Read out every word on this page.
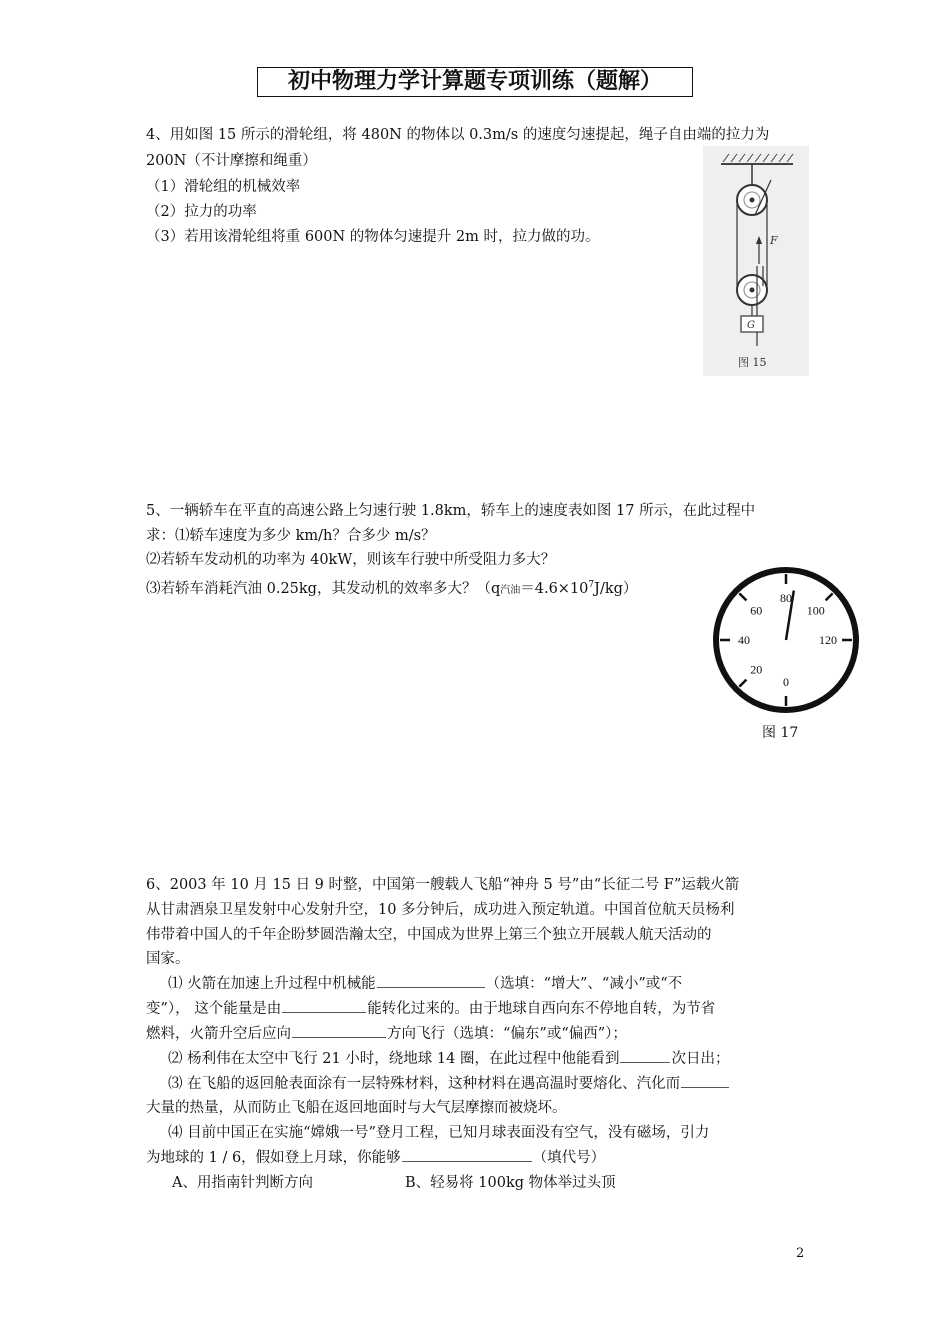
初中物理力学计算题专项训练（题解）
4、用如图 15 所示的滑轮组，将 480N 的物体以 0.3m/s 的速度匀速提起，绳子自由端的拉力为
200N（不计摩擦和绳重）
（1）滑轮组的机械效率
（2）拉力的功率
（3）若用该滑轮组将重 600N 的物体匀速提升 2m 时，拉力做的功。	F
G
图 15
5、一辆轿车在平直的高速公路上匀速行驶 1.8km，轿车上的速度表如图 17 所示，在此过程中
求：⑴轿车速度为多少 km/h？合多少 m/s？
⑵若轿车发动机的功率为 40kW，则该车行驶中所受阻力多大？
⑶若轿车消耗汽油 0.25kg，其发动机的效率多大？（q汽油$=4.6\times 10^7J/kg$）
0
20
40
60
80
100
120
图 17
6、2003 年 10 月 15 日 9 时整，中国第一艘载人飞船“神舟 5 号”由“长征二号 F”运载火箭
从甘肃酒泉卫星发射中心发射升空，10 多分钟后，成功进入预定轨道。中国首位航天员杨利
伟带着中国人的千年企盼梦圆浩瀚太空，中国成为世界上第三个独立开展载人航天活动的
国家。
⑴ 火箭在加速上升过程中机械能	（选填：“增大”、“减小”或“不
变”）， 这个能量是由	能转化过来的。由于地球自西向东不停地自转，为节省
燃料，火箭升空后应向	方向飞行（选填：“偏东”或“偏西”）；
⑵ 杨利伟在太空中飞行 21 小时，绕地球 14 圈，在此过程中他能看到	次日出；
⑶ 在飞船的返回舱表面涂有一层特殊材料，这种材料在遇高温时要熔化、汽化而
大量的热量，从而防止飞船在返回地面时与大气层摩擦而被烧坏。
⑷ 目前中国正在实施“嫦娥一号”登月工程，已知月球表面没有空气，没有磁场，引力
为地球的 1 / 6，假如登上月球，你能够	（填代号）
A、用指南针判断方向	B、轻易将 100kg 物体举过头顶
2
